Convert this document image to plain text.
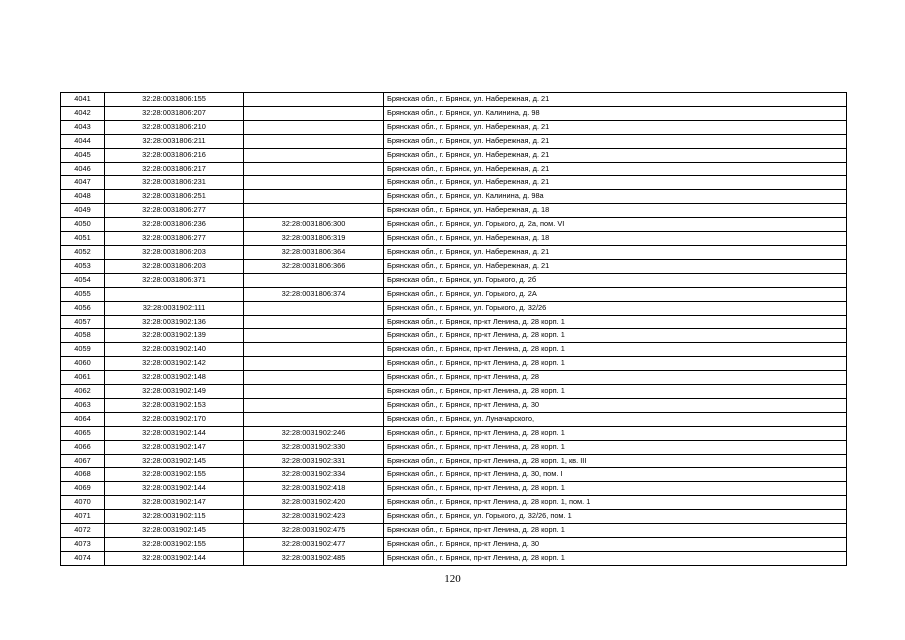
4041	32:28:0031806:155		Брянская обл., г. Брянск, ул. Набережная, д. 21
4042	32:28:0031806:207		Брянская обл., г. Брянск, ул. Калинина, д. 98
4043	32:28:0031806:210		Брянская обл., г. Брянск, ул. Набережная, д. 21
4044	32:28:0031806:211		Брянская обл., г. Брянск, ул. Набережная, д. 21
4045	32:28:0031806:216		Брянская обл., г. Брянск, ул. Набережная, д. 21
4046	32:28:0031806:217		Брянская обл., г. Брянск, ул. Набережная, д. 21
4047	32:28:0031806:231		Брянская обл., г. Брянск, ул. Набережная, д. 21
4048	32:28:0031806:251		Брянская обл., г. Брянск, ул. Калинина, д. 98а
4049	32:28:0031806:277		Брянская обл., г. Брянск, ул. Набережная, д. 18
4050	32:28:0031806:236	32:28:0031806:300	Брянская обл., г. Брянск, ул. Горького, д. 2а, пом. VI
4051	32:28:0031806:277	32:28:0031806:319	Брянская обл., г. Брянск, ул. Набережная, д. 18
4052	32:28:0031806:203	32:28:0031806:364	Брянская обл., г. Брянск, ул. Набережная, д. 21
4053	32:28:0031806:203	32:28:0031806:366	Брянская обл., г. Брянск, ул. Набережная, д. 21
4054	32:28:0031806:371		Брянская обл., г. Брянск, ул. Горького, д. 2б
4055		32:28:0031806:374	Брянская обл., г. Брянск, ул. Горького, д. 2А
4056	32:28:0031902:111		Брянская обл., г. Брянск, ул. Горького, д. 32/26
4057	32:28:0031902:136		Брянская обл., г. Брянск, пр-кт Ленина, д. 28 корп. 1
4058	32:28:0031902:139		Брянская обл., г. Брянск, пр-кт Ленина, д. 28 корп. 1
4059	32:28:0031902:140		Брянская обл., г. Брянск, пр-кт Ленина, д. 28 корп. 1
4060	32:28:0031902:142		Брянская обл., г. Брянск, пр-кт Ленина, д. 28 корп. 1
4061	32:28:0031902:148		Брянская обл., г. Брянск, пр-кт Ленина, д. 28
4062	32:28:0031902:149		Брянская обл., г. Брянск, пр-кт Ленина, д. 28 корп. 1
4063	32:28:0031902:153		Брянская обл., г. Брянск, пр-кт Ленина, д. 30
4064	32:28:0031902:170		Брянская обл., г. Брянск, ул. Луначарского,
4065	32:28:0031902:144	32:28:0031902:246	Брянская обл., г. Брянск, пр-кт Ленина, д. 28 корп. 1
4066	32:28:0031902:147	32:28:0031902:330	Брянская обл., г. Брянск, пр-кт Ленина, д. 28 корп. 1
4067	32:28:0031902:145	32:28:0031902:331	Брянская обл., г. Брянск, пр-кт Ленина, д. 28 корп. 1, кв. III
4068	32:28:0031902:155	32:28:0031902:334	Брянская обл., г. Брянск, пр-кт Ленина, д. 30, пом. I
4069	32:28:0031902:144	32:28:0031902:418	Брянская обл., г. Брянск, пр-кт Ленина, д. 28 корп. 1
4070	32:28:0031902:147	32:28:0031902:420	Брянская обл., г. Брянск, пр-кт Ленина, д. 28 корп. 1, пом. 1
4071	32:28:0031902:115	32:28:0031902:423	Брянская обл., г. Брянск, ул. Горького, д. 32/26, пом. 1
4072	32:28:0031902:145	32:28:0031902:475	Брянская обл., г. Брянск, пр-кт Ленина, д. 28 корп. 1
4073	32:28:0031902:155	32:28:0031902:477	Брянская обл., г. Брянск, пр-кт Ленина, д. 30
4074	32:28:0031902:144	32:28:0031902:485	Брянская обл., г. Брянск, пр-кт Ленина, д. 28 корп. 1
120
